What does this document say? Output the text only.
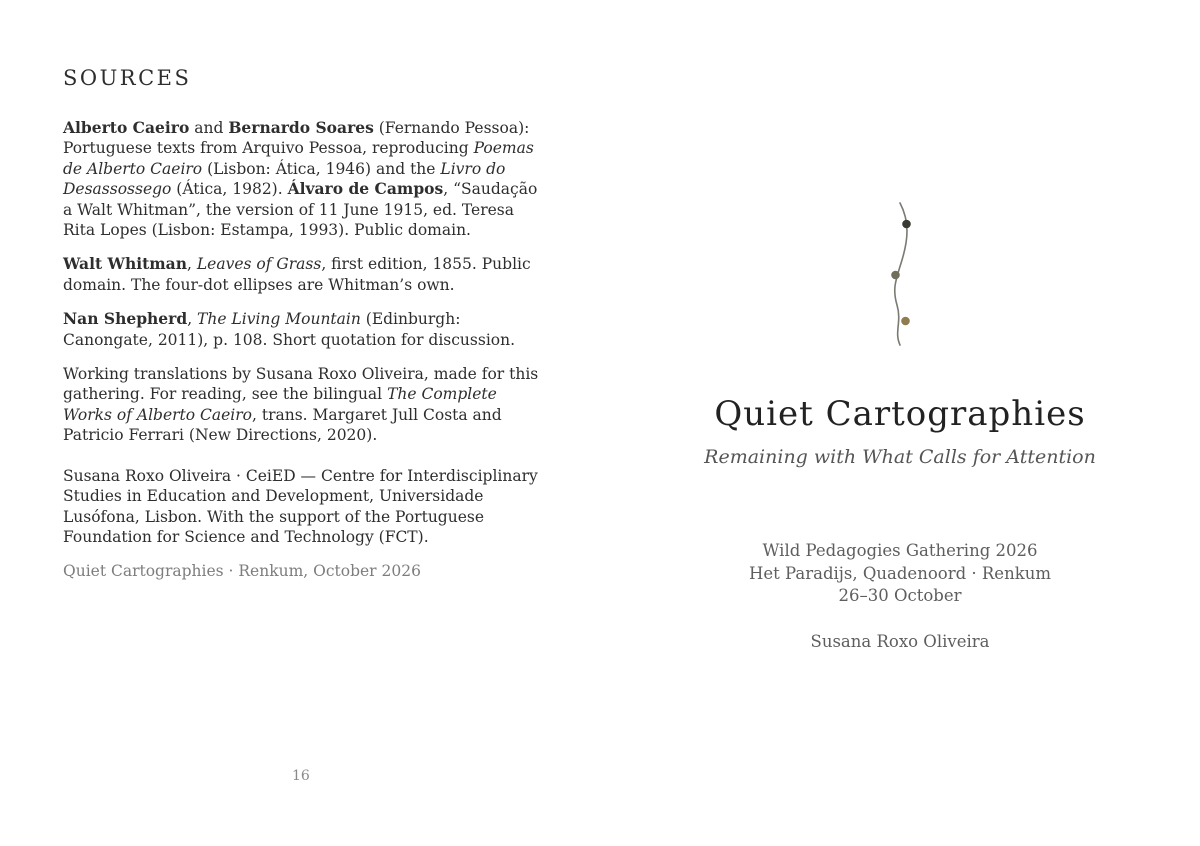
SOURCES

Alberto Caeiro and Bernardo Soares (Fernando Pessoa): Portuguese texts from Arquivo Pessoa, reproducing Poemas de Alberto Caeiro (Lisbon: Ática, 1946) and the Livro do Desassossego (Ática, 1982). Álvaro de Campos, “Saudação a Walt Whitman”, the version of 11 June 1915, ed. Teresa Rita Lopes (Lisbon: Estampa, 1993). Public domain.

Walt Whitman, Leaves of Grass, first edition, 1855. Public domain. The four-dot ellipses are Whitman’s own.

Nan Shepherd, The Living Mountain (Edinburgh: Canongate, 2011), p. 108. Short quotation for discussion.

Working translations by Susana Roxo Oliveira, made for this gathering. For reading, see the bilingual The Complete Works of Alberto Caeiro, trans. Margaret Jull Costa and Patricio Ferrari (New Directions, 2020).

Susana Roxo Oliveira · CeiED — Centre for Interdisciplinary Studies in Education and Development, Universidade Lusófona, Lisbon. With the support of the Portuguese Foundation for Science and Technology (FCT).

Quiet Cartographies · Renkum, October 2026

16
Quiet Cartographies
Remaining with What Calls for Attention
Wild Pedagogies Gathering 2026
Het Paradijs, Quadenoord · Renkum
26–30 October
Susana Roxo Oliveira
